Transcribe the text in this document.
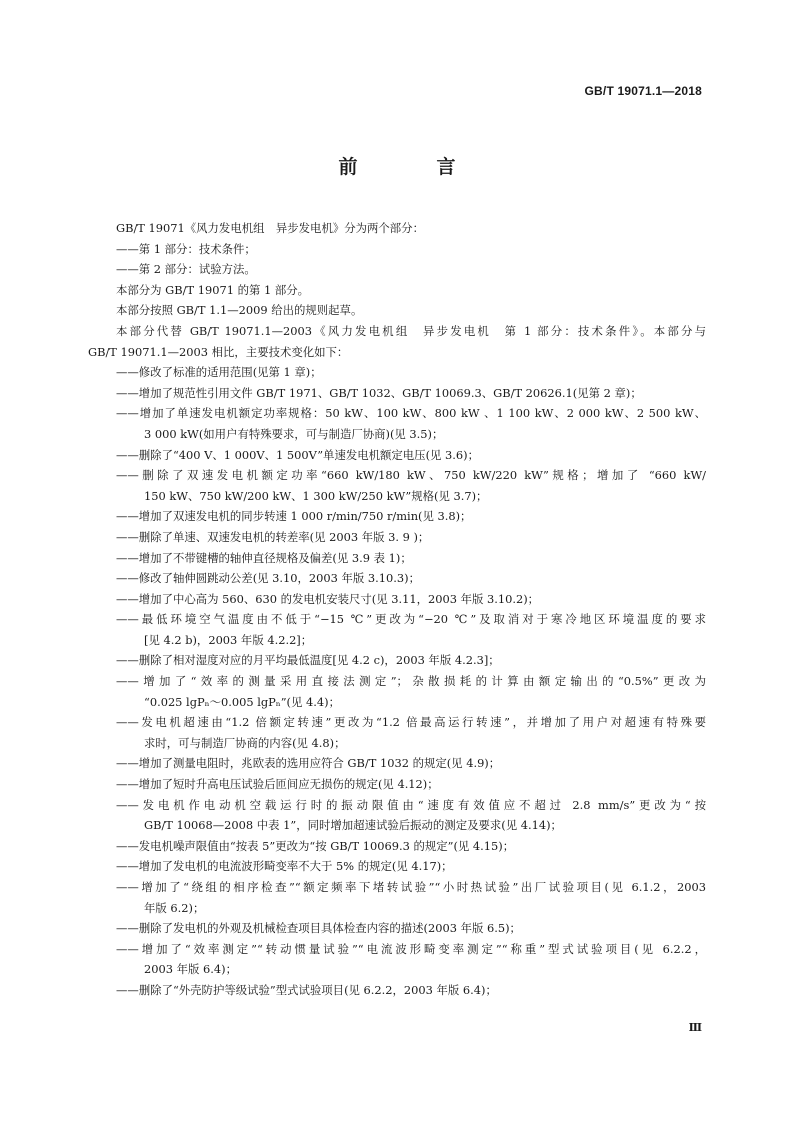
GB/T 19071.1—2018
前　言
GB/T 19071《风力发电机组　异步发电机》分为两个部分：
——第 1 部分：技术条件；
——第 2 部分：试验方法。
本部分为 GB/T 19071 的第 1 部分。
本部分按照 GB/T 1.1—2009 给出的规则起草。
本部分代替 GB/T 19071.1—2003《风力发电机组　异步发电机　第 1 部分：技术条件》。本部分与
GB/T 19071.1—2003 相比，主要技术变化如下：
——修改了标准的适用范围(见第 1 章)；
——增加了规范性引用文件 GB/T 1971、GB/T 1032、GB/T 10069.3、GB/T 20626.1(见第 2 章)；
——增加了单速发电机额定功率规格：50 kW、100 kW、800 kW 、1 100 kW、2 000 kW、2 500 kW、
3 000 kW(如用户有特殊要求，可与制造厂协商)(见 3.5)；
——删除了“400 V、1 000V、1 500V”单速发电机额定电压(见 3.6)；
——删除了双速发电机额定功率“660 kW/180 kW、750 kW/220 kW”规格；增加了 “660 kW/
150 kW、750 kW/200 kW、1 300 kW/250 kW”规格(见 3.7)；
——增加了双速发电机的同步转速 1 000 r/min/750 r/min(见 3.8)；
——删除了单速、双速发电机的转差率(见 2003 年版 3. 9 )；
——增加了不带键槽的轴伸直径规格及偏差(见 3.9 表 1)；
——修改了轴伸圆跳动公差(见 3.10，2003 年版 3.10.3)；
——增加了中心高为 560、630 的发电机安装尺寸(见 3.11，2003 年版 3.10.2)；
——最低环境空气温度由不低于“−15 ℃”更改为“−20 ℃”及取消对于寒冷地区环境温度的要求
[见 4.2 b)，2003 年版 4.2.2]；
——删除了相对湿度对应的月平均最低温度[见 4.2 c)，2003 年版 4.2.3]；
——增加了“效率的测量采用直接法测定”；杂散损耗的计算由额定输出的“0.5%”更改为
“0.025 lgPₙ～0.005 lgPₙ”(见 4.4)；
——发电机超速由“1.2 倍额定转速”更改为“1.2 倍最高运行转速”，并增加了用户对超速有特殊要
求时，可与制造厂协商的内容(见 4.8)；
——增加了测量电阻时，兆欧表的选用应符合 GB/T 1032 的规定(见 4.9)；
——增加了短时升高电压试验后匝间应无损伤的规定(见 4.12)；
——发电机作电动机空载运行时的振动限值由“速度有效值应不超过 2.8 mm/s”更改为“按
GB/T 10068—2008 中表 1”，同时增加超速试验后振动的测定及要求(见 4.14)；
——发电机噪声限值由“按表 5”更改为“按 GB/T 10069.3 的规定”(见 4.15)；
——增加了发电机的电流波形畸变率不大于 5% 的规定(见 4.17)；
——增加了“绕组的相序检查”“额定频率下堵转试验”“小时热试验”出厂试验项目(见 6.1.2，2003
年版 6.2)；
——删除了发电机的外观及机械检查项目具体检查内容的描述(2003 年版 6.5)；
——增加了“效率测定”“转动惯量试验”“电流波形畸变率测定”“称重”型式试验项目(见 6.2.2，
2003 年版 6.4)；
——删除了“外壳防护等级试验”型式试验项目(见 6.2.2，2003 年版 6.4)；
Ⅲ
